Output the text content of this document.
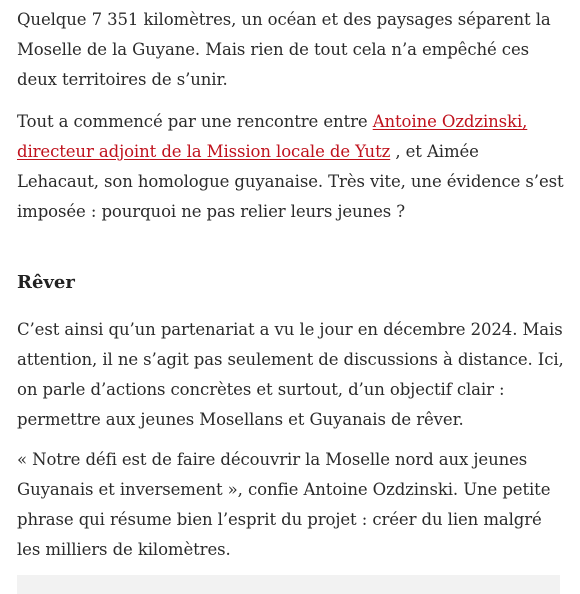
Quelque 7 351 kilomètres, un océan et des paysages séparent la Moselle de la Guyane. Mais rien de tout cela n’a empêché ces deux territoires de s’unir.

Tout a commencé par une rencontre entre Antoine Ozdzinski, directeur adjoint de la Mission locale de Yutz , et Aimée Lehacaut, son homologue guyanaise. Très vite, une évidence s’est imposée : pourquoi ne pas relier leurs jeunes ?

Rêver

C’est ainsi qu’un partenariat a vu le jour en décembre 2024. Mais attention, il ne s’agit pas seulement de discussions à distance. Ici, on parle d’actions concrètes et surtout, d’un objectif clair : permettre aux jeunes Mosellans et Guyanais de rêver.

« Notre défi est de faire découvrir la Moselle nord aux jeunes Guyanais et inversement », confie Antoine Ozdzinski. Une petite phrase qui résume bien l’esprit du projet : créer du lien malgré les milliers de kilomètres.
